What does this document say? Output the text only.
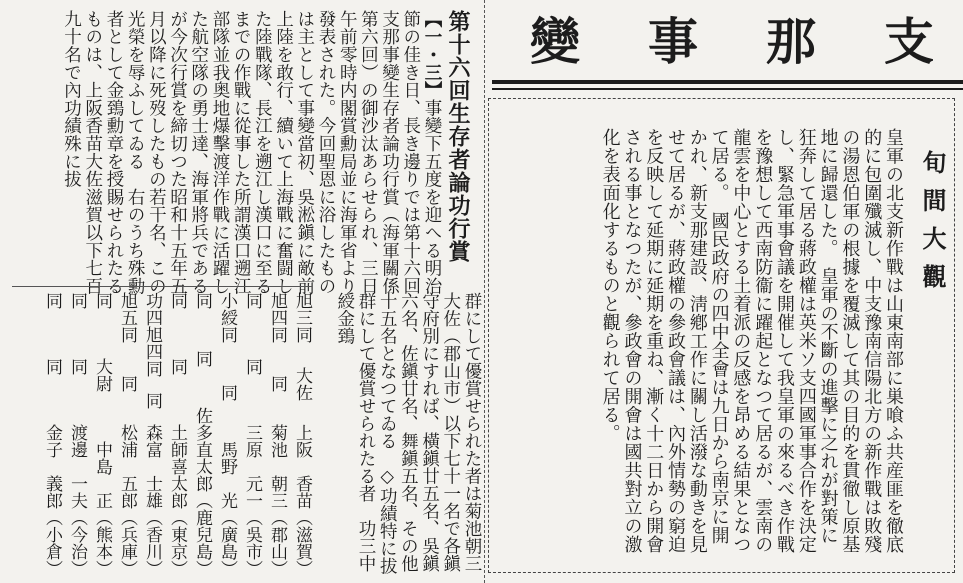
支
那
事
變
旬間大觀
皇軍の北支新作戰は山東南部に巣喰ふ共産匪を徹底的に包圍殲滅し、中支豫南信陽北方の新作戰は敗殘の湯恩伯軍の根據を覆滅して其の目的を貫徹し原基地に歸還した。　皇軍の不斷の進擊に之れが對策に狂奔して居る蔣政權は英米ソ支四國軍事合作を決定し、緊急軍事會議を開催して我皇軍の來るべき作戰を豫想して西南防衞に躍起となつて居るが、雲南の龍雲を中心とする土着派の反感を昂める結果となつて居る。　國民政府の四中全會は九日から南京に開かれ、新支那建設、淸鄕工作に關し活潑な動きを見せて居るが、蔣政權の參政會議は、內外情勢の窮迫を反映して延期に延期を重ね、漸く十二日から開會される事となつたが、參政會の開會は國共對立の激化を表面化するものと觀られて居る。
第十六回生存者論功行賞
【一・三】事變下五度を迎へる明治節の佳き日、長き邊りでは第十六回支那事變生存者論功行賞（海軍關係第六回）の御沙汰あらせられ、三日午前零時内閣賞勳局並に海軍省より發表された。今回聖恩に浴したものは主として事變當初、吳淞鎭に敵前上陸を敢行、續いて上海戰に奮闘した陸戰隊、長江を遡江し漢口に至るまでの作戰に從事した所謂漢口遡江部隊並我奥地爆擊渡洋作戰に活躍した航空隊の勇士達、海軍將兵であるが今次行賞を締切つた昭和十五年五月以降に死歿したもの若干名、この光榮を辱ふしてゐる　右のうち殊勳者として金鵄勳章を授賜せられたるものは、上阪香苗大佐滋賀以下七百九十名で內功績殊に拔
群にして優賞せられた者は菊池朝三大佐（郡山市）以下七十一名で各鎭守府別にすれば、橫鎭廿五名、吳鎭六名、佐鎭廿名、舞鎭五名、その他十五名となつてゐる　◇功績特に拔群にして優賞せられたる者　功三中綬金鵄
旭三同
大佐
上阪　香苗（滋賀）
旭四同
同
菊池　朝三（郡山）
同
同
三原　元一（吳市）
小綬同
同
馬野　光（廣島）
同
同
佐多直太郎（鹿兒島）
同
同
土師喜太郎（東京）
功四旭四同
同
森富　士雄（香川）
旭五同
同
松浦　五郎（兵庫）
同
大尉
中島　正（熊本）
同
同
渡邊　一夫（今治）
同
同
金子　義郎（小倉）
